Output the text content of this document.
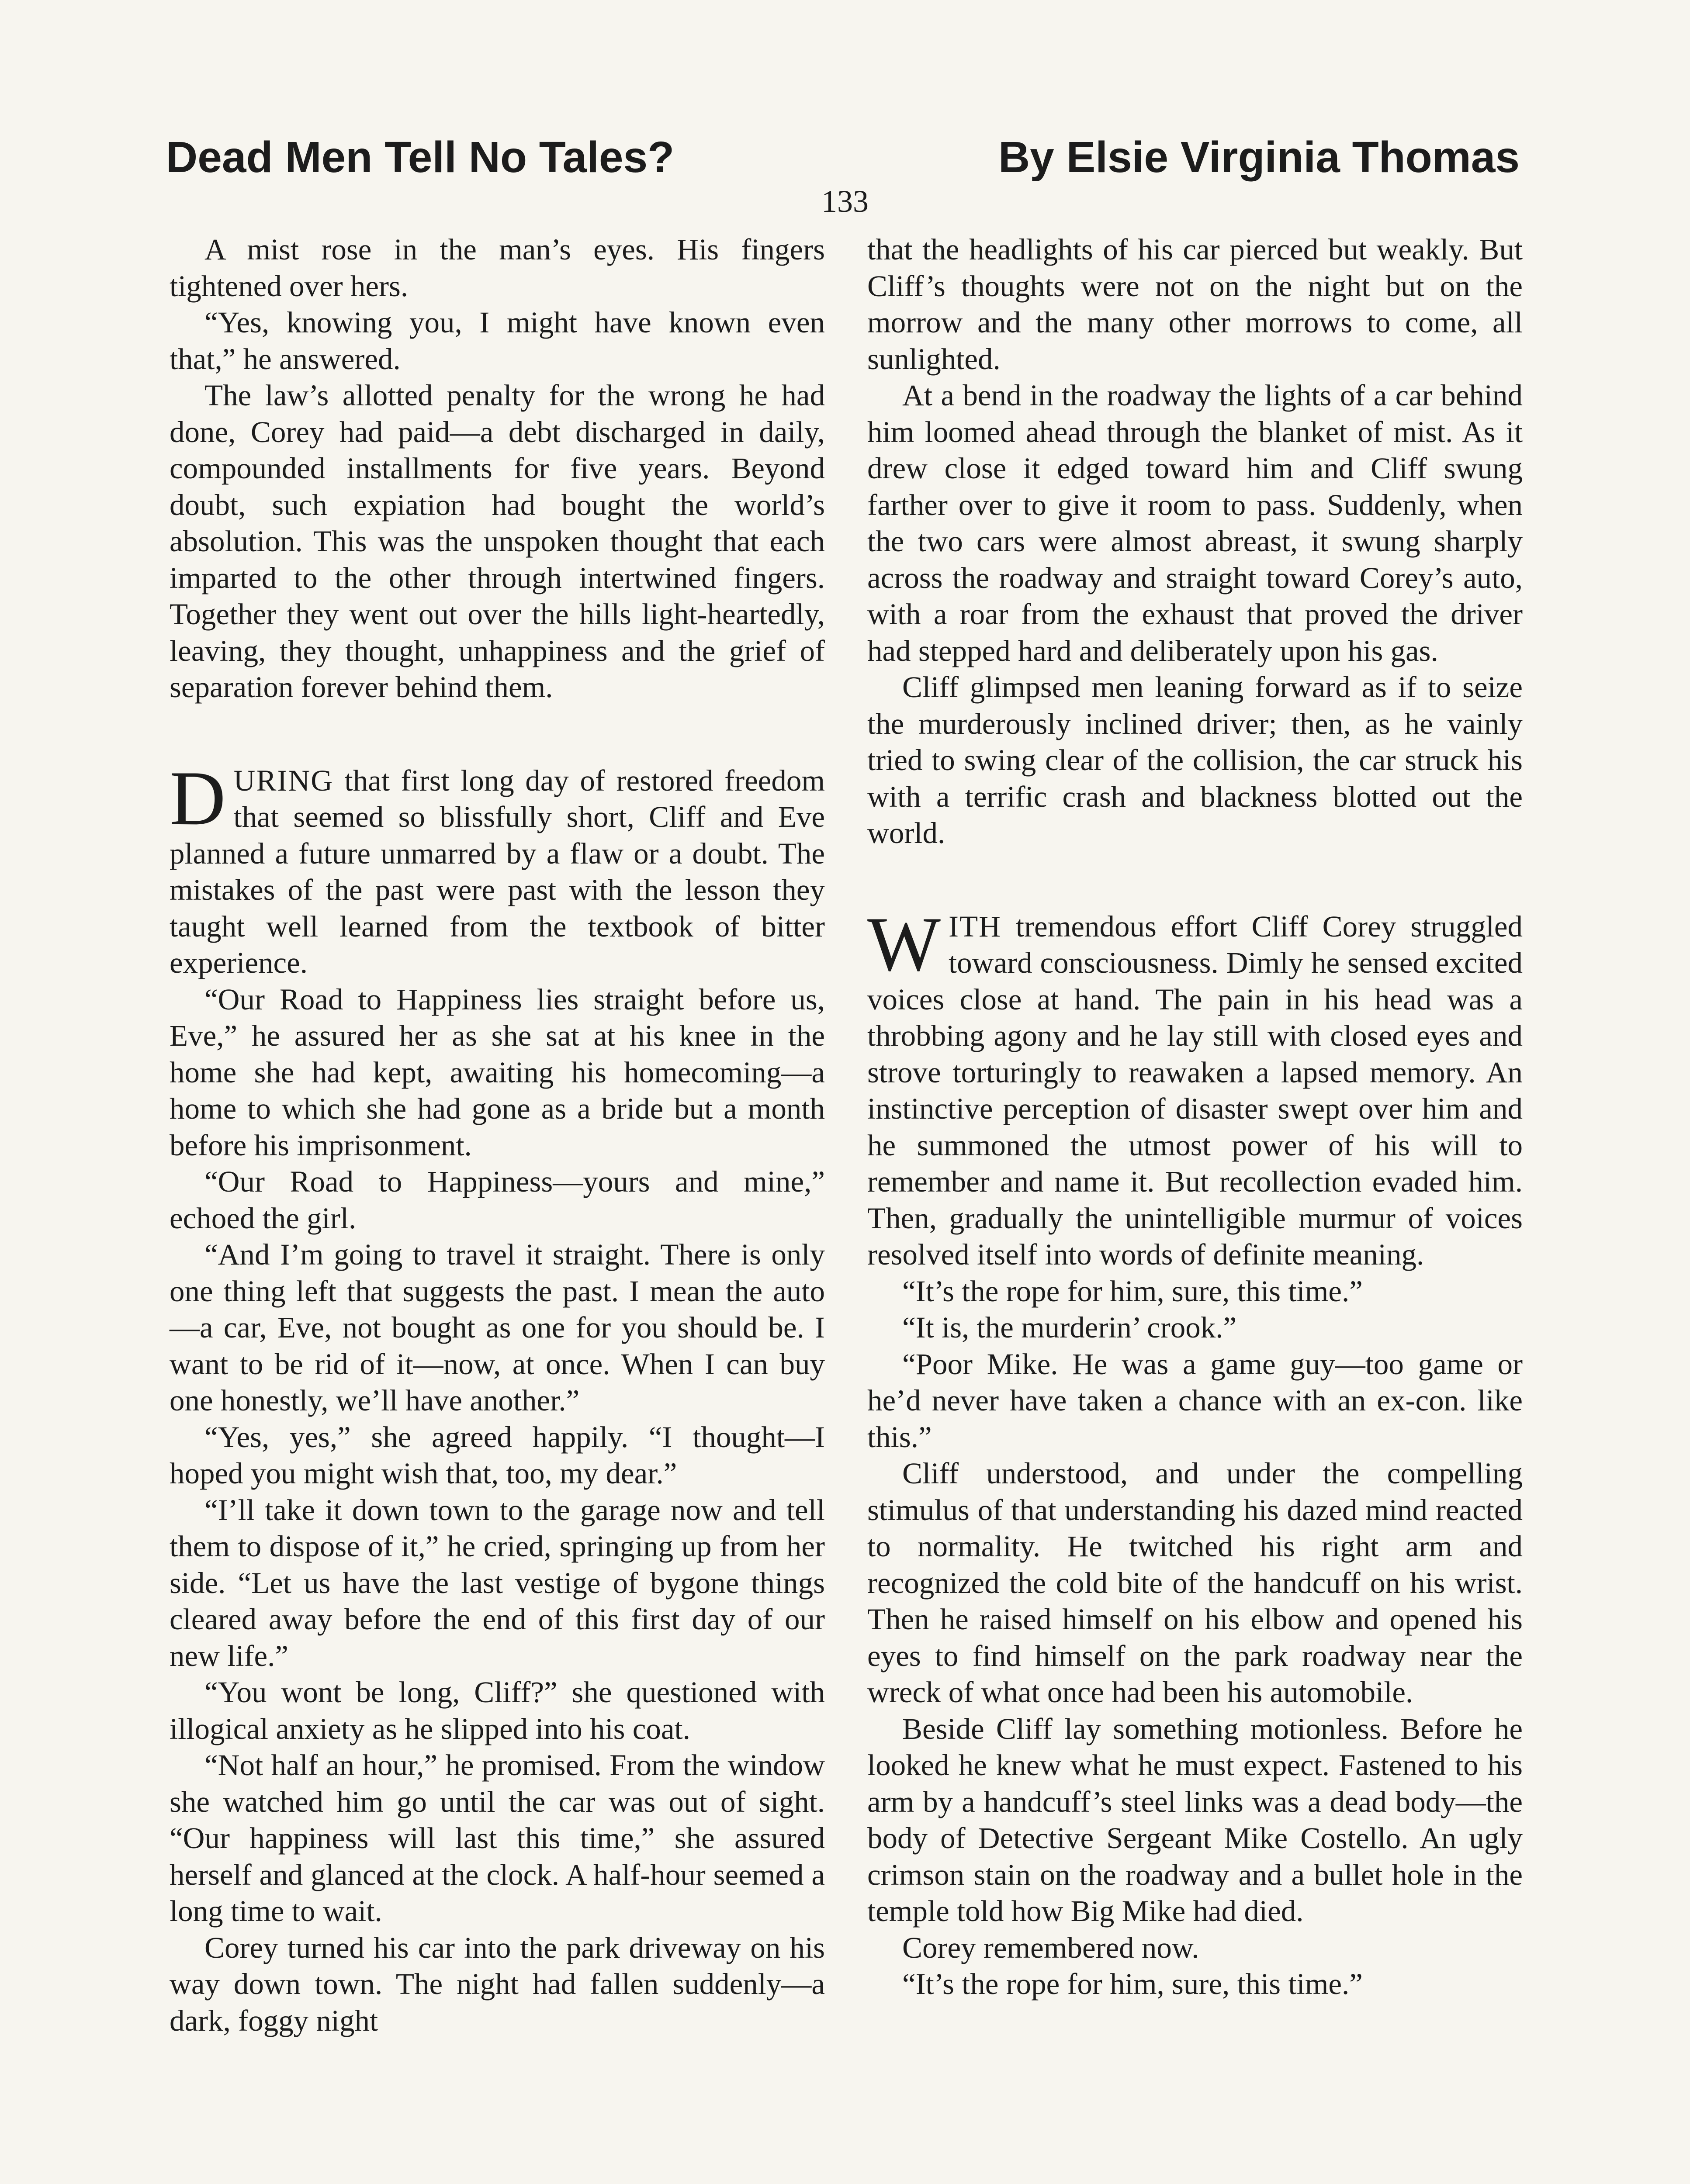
Dead Men Tell No Tales?	By Elsie Virginia Thomas
133

A mist rose in the man’s eyes. His fingers tightened over hers.

“Yes, knowing you, I might have known even that,” he answered.

The law’s allotted penalty for the wrong he had done, Corey had paid—a debt discharged in daily, compounded installments for five years. Beyond doubt, such expiation had bought the world’s absolution. This was the unspoken thought that each imparted to the other through intertwined fingers. Together they went out over the hills light-heartedly, leaving, they thought, unhappiness and the grief of separation forever behind them.

DURING that first long day of restored freedom that seemed so blissfully short, Cliff and Eve planned a future unmarred by a flaw or a doubt. The mistakes of the past were past with the lesson they taught well learned from the textbook of bitter experience.

“Our Road to Happiness lies straight before us, Eve,” he assured her as she sat at his knee in the home she had kept, awaiting his homecoming—a home to which she had gone as a bride but a month before his imprisonment.

“Our Road to Happiness—yours and mine,” echoed the girl.

“And I’m going to travel it straight. There is only one thing left that suggests the past. I mean the auto—a car, Eve, not bought as one for you should be. I want to be rid of it—now, at once. When I can buy one honestly, we’ll have another.”

“Yes, yes,” she agreed happily. “I thought—I hoped you might wish that, too, my dear.”

“I’ll take it down town to the garage now and tell them to dispose of it,” he cried, springing up from her side. “Let us have the last vestige of bygone things cleared away before the end of this first day of our new life.”

“You wont be long, Cliff?” she questioned with illogical anxiety as he slipped into his coat.

“Not half an hour,” he promised. From the window she watched him go until the car was out of sight. “Our happiness will last this time,” she assured herself and glanced at the clock. A half-hour seemed a long time to wait.

Corey turned his car into the park driveway on his way down town. The night had fallen suddenly—a dark, foggy night

that the headlights of his car pierced but weakly. But Cliff’s thoughts were not on the night but on the morrow and the many other morrows to come, all sunlighted.

At a bend in the roadway the lights of a car behind him loomed ahead through the blanket of mist. As it drew close it edged toward him and Cliff swung farther over to give it room to pass. Suddenly, when the two cars were almost abreast, it swung sharply across the roadway and straight toward Corey’s auto, with a roar from the exhaust that proved the driver had stepped hard and deliberately upon his gas.

Cliff glimpsed men leaning forward as if to seize the murderously inclined driver; then, as he vainly tried to swing clear of the collision, the car struck his with a terrific crash and blackness blotted out the world.

WITH tremendous effort Cliff Corey struggled toward consciousness. Dimly he sensed excited voices close at hand. The pain in his head was a throbbing agony and he lay still with closed eyes and strove torturingly to reawaken a lapsed memory. An instinctive perception of disaster swept over him and he summoned the utmost power of his will to remember and name it. But recollection evaded him. Then, gradually the unintelligible murmur of voices resolved itself into words of definite meaning.

“It’s the rope for him, sure, this time.”

“It is, the murderin’ crook.”

“Poor Mike. He was a game guy—too game or he’d never have taken a chance with an ex-con. like this.”

Cliff understood, and under the compelling stimulus of that understanding his dazed mind reacted to normality. He twitched his right arm and recognized the cold bite of the handcuff on his wrist. Then he raised himself on his elbow and opened his eyes to find himself on the park roadway near the wreck of what once had been his automobile.

Beside Cliff lay something motionless. Before he looked he knew what he must expect. Fastened to his arm by a handcuff’s steel links was a dead body—the body of Detective Sergeant Mike Costello. An ugly crimson stain on the roadway and a bullet hole in the temple told how Big Mike had died.

Corey remembered now.

“It’s the rope for him, sure, this time.”
